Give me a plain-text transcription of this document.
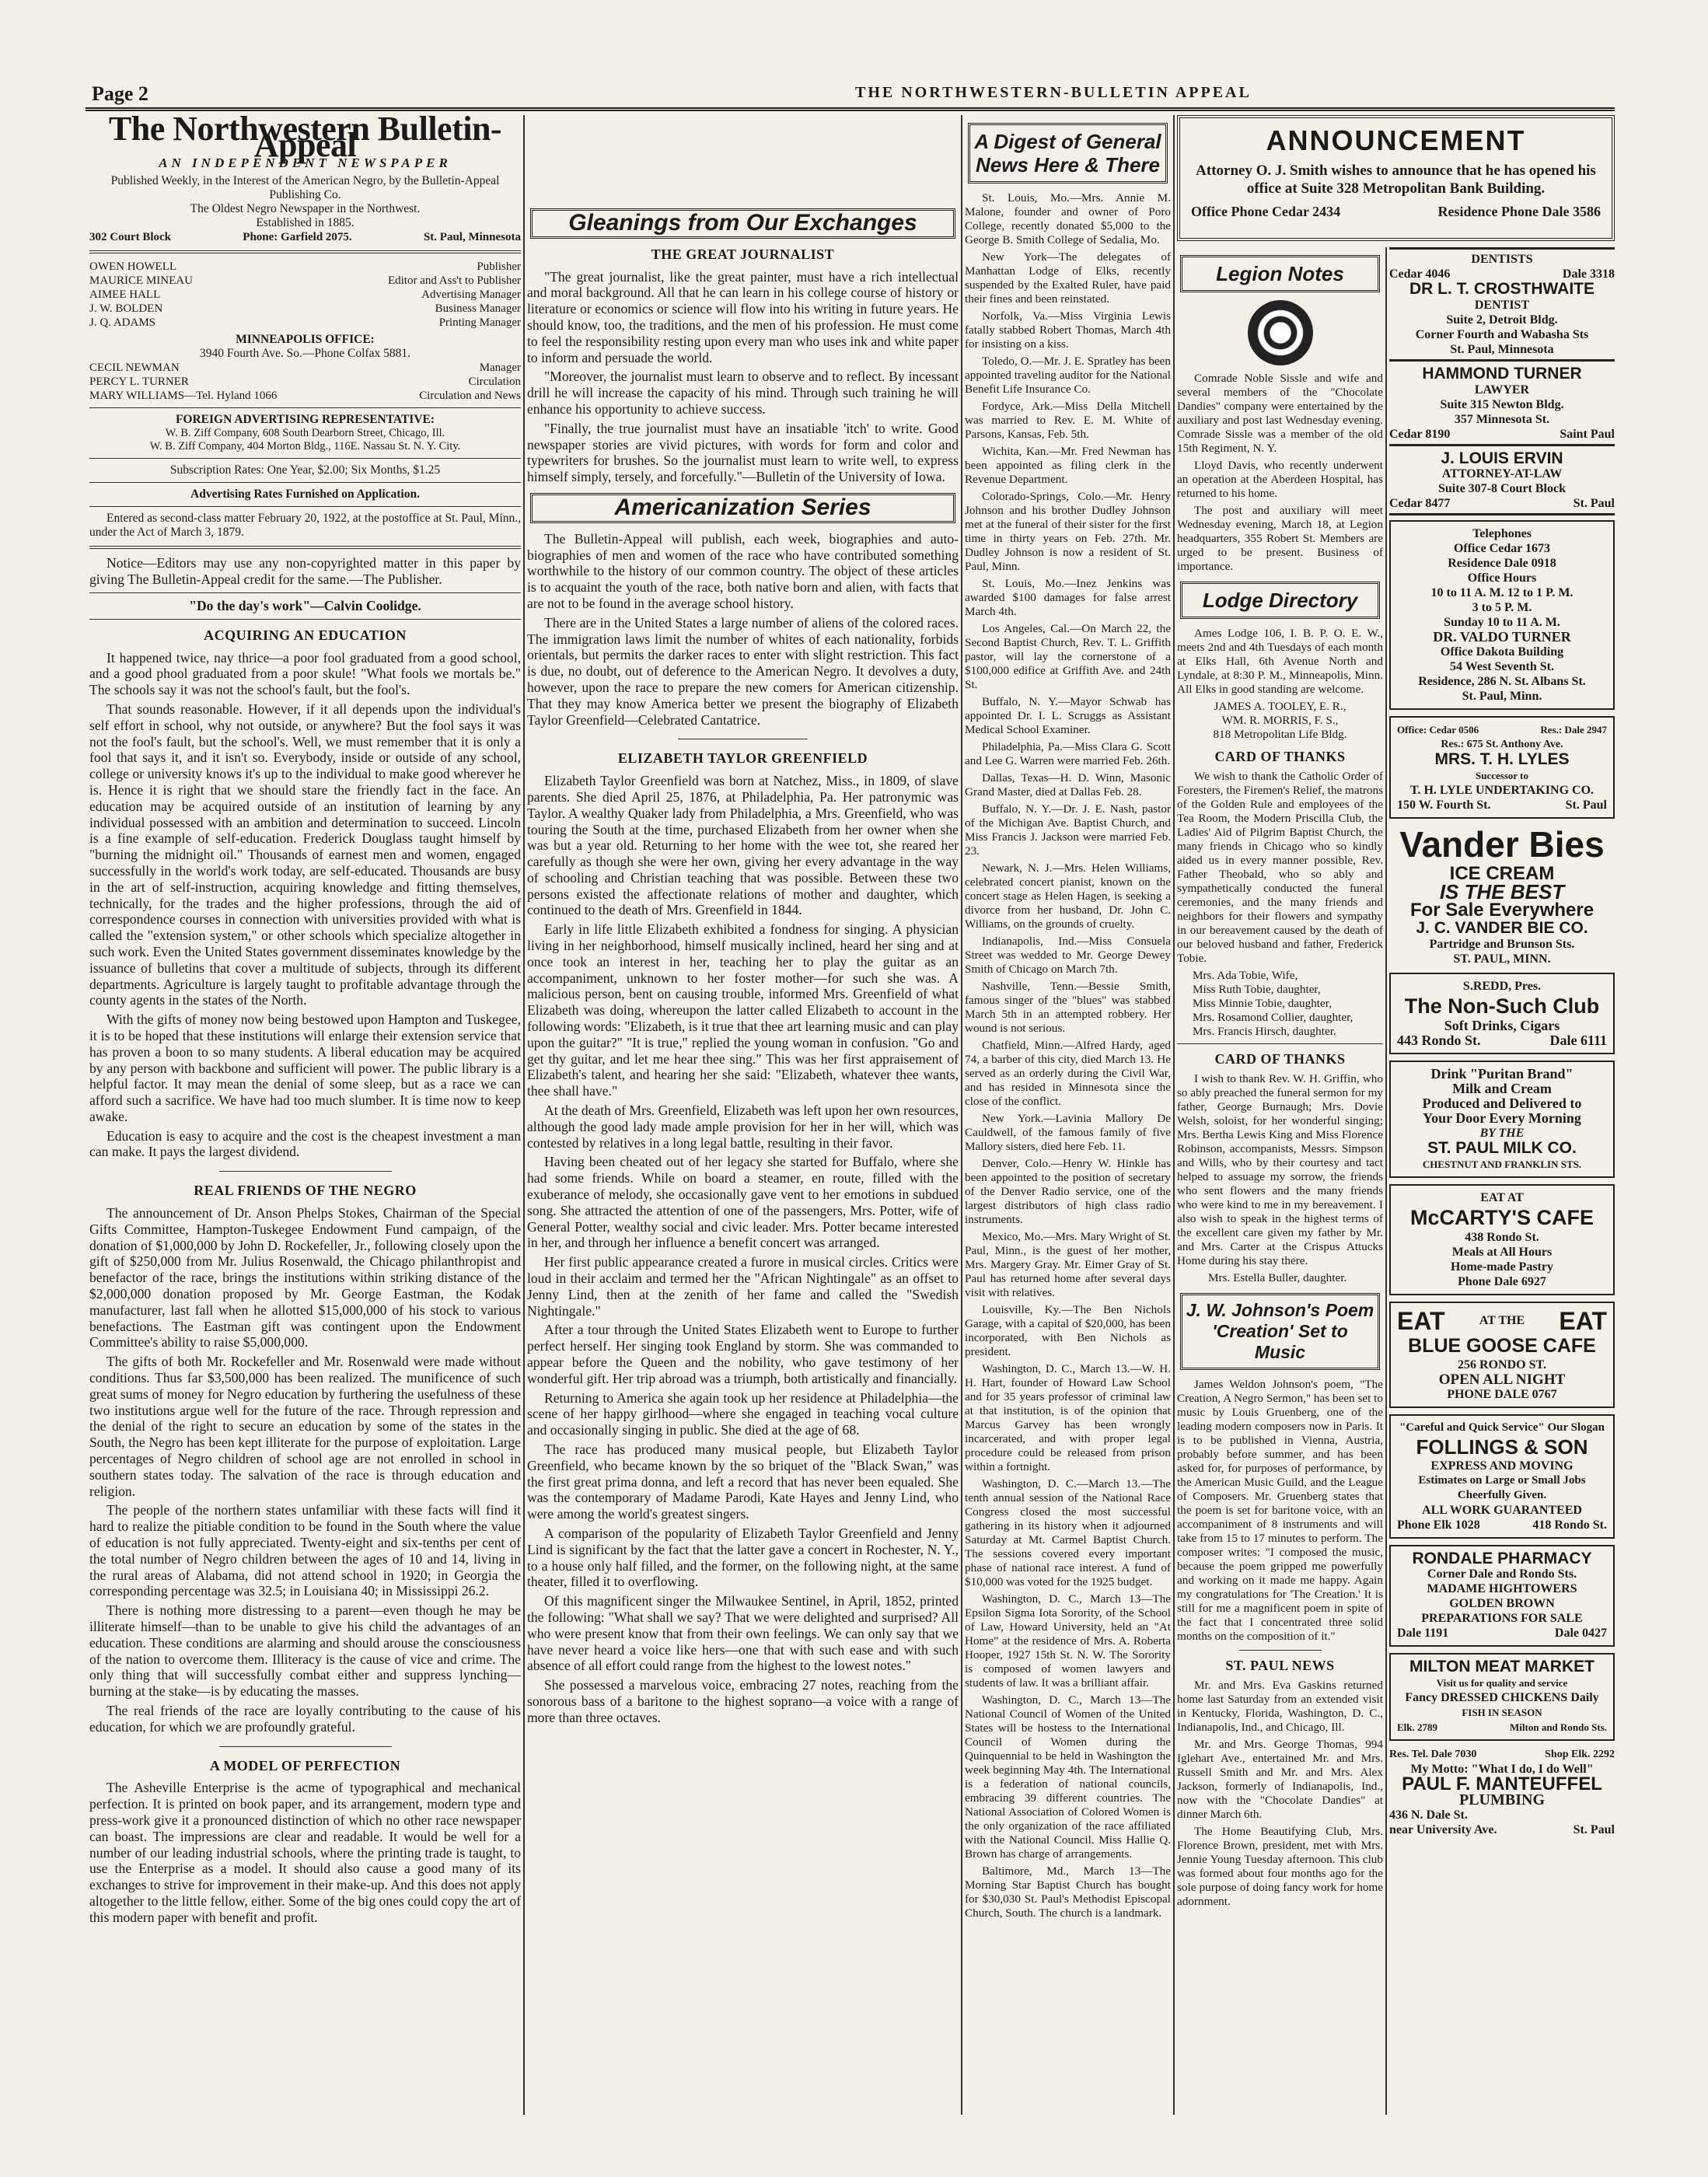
Page 2	THE NORTHWESTERN-BULLETIN APPEAL
The Northwestern Bulletin-Appeal
AN INDEPENDENT NEWSPAPER
Published Weekly, in the Interest of the American Negro, by the Bulletin-Appeal Publishing Co.
The Oldest Negro Newspaper in the Northwest.
Established in 1885.
302 Court Block	Phone: Garfield 2075.	St. Paul, Minnesota
OWEN HOWELL	Publisher
MAURICE MINEAU	Editor and Ass't to Publisher
AIMEE HALL	Advertising Manager
J. W. BOLDEN	Business Manager
J. Q. ADAMS	Printing Manager
MINNEAPOLIS OFFICE:
3940 Fourth Ave. So.—Phone Colfax 5881.
CECIL NEWMAN	Manager
PERCY L. TURNER	Circulation
MARY WILLIAMS—Tel. Hyland 1066	Circulation and News
FOREIGN ADVERTISING REPRESENTATIVE:
W. B. Ziff Company, 608 South Dearborn Street, Chicago, Ill.
W. B. Ziff Company, 404 Morton Bldg., 116E. Nassau St. N. Y. City.
Subscription Rates: One Year, $2.00; Six Months, $1.25
Advertising Rates Furnished on Application.

Entered as second-class matter February 20, 1922, at the postoffice at St. Paul, Minn., under the Act of March 3, 1879.

Notice—Editors may use any non-copyrighted matter in this paper by giving The Bulletin-Appeal credit for the same.—The Publisher.

"Do the day's work"—Calvin Coolidge.
ACQUIRING AN EDUCATION

It happened twice, nay thrice—a poor fool graduated from a good school, and a good phool graduated from a poor skule! "What fools we mortals be." The schools say it was not the school's fault, but the fool's.

That sounds reasonable. However, if it all depends upon the individual's self effort in school, why not outside, or anywhere? But the fool says it was not the fool's fault, but the school's. Well, we must remember that it is only a fool that says it, and it isn't so. Everybody, inside or outside of any school, college or university knows it's up to the individual to make good wherever he is. Hence it is right that we should stare the friendly fact in the face. An education may be acquired outside of an institution of learning by any individual possessed with an ambition and determination to succeed. Lincoln is a fine example of self-education. Frederick Douglass taught himself by "burning the midnight oil." Thousands of earnest men and women, engaged successfully in the world's work today, are self-educated. Thousands are busy in the art of self-instruction, acquiring knowledge and fitting themselves, technically, for the trades and the higher professions, through the aid of correspondence courses in connection with universities provided with what is called the "extension system," or other schools which specialize altogether in such work. Even the United States government disseminates knowledge by the issuance of bulletins that cover a multitude of subjects, through its different departments. Agriculture is largely taught to profitable advantage through the county agents in the states of the North.

With the gifts of money now being bestowed upon Hampton and Tuskegee, it is to be hoped that these institutions will enlarge their extension service that has proven a boon to so many students. A liberal education may be acquired by any person with backbone and sufficient will power. The public library is a helpful factor. It may mean the denial of some sleep, but as a race we can afford such a sacrifice. We have had too much slumber. It is time now to keep awake.

Education is easy to acquire and the cost is the cheapest investment a man can make. It pays the largest dividend.

REAL FRIENDS OF THE NEGRO

The announcement of Dr. Anson Phelps Stokes, Chairman of the Special Gifts Committee, Hampton-Tuskegee Endowment Fund campaign, of the donation of $1,000,000 by John D. Rockefeller, Jr., following closely upon the gift of $250,000 from Mr. Julius Rosenwald, the Chicago philanthropist and benefactor of the race, brings the institutions within striking distance of the $2,000,000 donation proposed by Mr. George Eastman, the Kodak manufacturer, last fall when he allotted $15,000,000 of his stock to various benefactions. The Eastman gift was contingent upon the Endowment Committee's ability to raise $5,000,000.

The gifts of both Mr. Rockefeller and Mr. Rosenwald were made without conditions. Thus far $3,500,000 has been realized. The munificence of such great sums of money for Negro education by furthering the usefulness of these two institutions argue well for the future of the race. Through repression and the denial of the right to secure an education by some of the states in the South, the Negro has been kept illiterate for the purpose of exploitation. Large percentages of Negro children of school age are not enrolled in school in southern states today. The salvation of the race is through education and religion.

The people of the northern states unfamiliar with these facts will find it hard to realize the pitiable condition to be found in the South where the value of education is not fully appreciated. Twenty-eight and six-tenths per cent of the total number of Negro children between the ages of 10 and 14, living in the rural areas of Alabama, did not attend school in 1920; in Georgia the corresponding percentage was 32.5; in Louisiana 40; in Mississippi 26.2.

There is nothing more distressing to a parent—even though he may be illiterate himself—than to be unable to give his child the advantages of an education. These conditions are alarming and should arouse the consciousness of the nation to overcome them. Illiteracy is the cause of vice and crime. The only thing that will successfully combat either and suppress lynching—burning at the stake—is by educating the masses.

The real friends of the race are loyally contributing to the cause of his education, for which we are profoundly grateful.

A MODEL OF PERFECTION

The Asheville Enterprise is the acme of typographical and mechanical perfection. It is printed on book paper, and its arrangement, modern type and press-work give it a pronounced distinction of which no other race newspaper can boast. The impressions are clear and readable. It would be well for a number of our leading industrial schools, where the printing trade is taught, to use the Enterprise as a model. It should also cause a good many of its exchanges to strive for improvement in their make-up. And this does not apply altogether to the little fellow, either. Some of the big ones could copy the art of this modern paper with benefit and profit.

Gleanings from Our Exchanges
THE GREAT JOURNALIST

"The great journalist, like the great painter, must have a rich intellectual and moral background. All that he can learn in his college course of history or literature or economics or science will flow into his writing in future years. He should know, too, the traditions, and the men of his profession. He must come to feel the responsibility resting upon every man who uses ink and white paper to inform and persuade the world.

"Moreover, the journalist must learn to observe and to reflect. By incessant drill he will increase the capacity of his mind. Through such training he will enhance his opportunity to achieve success.

"Finally, the true journalist must have an insatiable 'itch' to write. Good newspaper stories are vivid pictures, with words for form and color and typewriters for brushes. So the journalist must learn to write well, to express himself simply, tersely, and forcefully."—Bulletin of the University of Iowa.

Americanization Series

The Bulletin-Appeal will publish, each week, biographies and auto-biographies of men and women of the race who have contributed something worthwhile to the history of our common country. The object of these articles is to acquaint the youth of the race, both native born and alien, with facts that are not to be found in the average school history.

There are in the United States a large number of aliens of the colored races. The immigration laws limit the number of whites of each nationality, forbids orientals, but permits the darker races to enter with slight restriction. This fact is due, no doubt, out of deference to the American Negro. It devolves a duty, however, upon the race to prepare the new comers for American citizenship. That they may know America better we present the biography of Elizabeth Taylor Greenfield—Celebrated Cantatrice.

ELIZABETH TAYLOR GREENFIELD

Elizabeth Taylor Greenfield was born at Natchez, Miss., in 1809, of slave parents. She died April 25, 1876, at Philadelphia, Pa. Her patronymic was Taylor. A wealthy Quaker lady from Philadelphia, a Mrs. Greenfield, who was touring the South at the time, purchased Elizabeth from her owner when she was but a year old. Returning to her home with the wee tot, she reared her carefully as though she were her own, giving her every advantage in the way of schooling and Christian teaching that was possible. Between these two persons existed the affectionate relations of mother and daughter, which continued to the death of Mrs. Greenfield in 1844.

Early in life little Elizabeth exhibited a fondness for singing. A physician living in her neighborhood, himself musically inclined, heard her sing and at once took an interest in her, teaching her to play the guitar as an accompaniment, unknown to her foster mother—for such she was. A malicious person, bent on causing trouble, informed Mrs. Greenfield of what Elizabeth was doing, whereupon the latter called Elizabeth to account in the following words: "Elizabeth, is it true that thee art learning music and can play upon the guitar?" "It is true," replied the young woman in confusion. "Go and get thy guitar, and let me hear thee sing." This was her first appraisement of Elizabeth's talent, and hearing her she said: "Elizabeth, whatever thee wants, thee shall have."

At the death of Mrs. Greenfield, Elizabeth was left upon her own resources, although the good lady made ample provision for her in her will, which was contested by relatives in a long legal battle, resulting in their favor.

Having been cheated out of her legacy she started for Buffalo, where she had some friends. While on board a steamer, en route, filled with the exuberance of melody, she occasionally gave vent to her emotions in subdued song. She attracted the attention of one of the passengers, Mrs. Potter, wife of General Potter, wealthy social and civic leader. Mrs. Potter became interested in her, and through her influence a benefit concert was arranged.

Her first public appearance created a furore in musical circles. Critics were loud in their acclaim and termed her the "African Nightingale" as an offset to Jenny Lind, then at the zenith of her fame and called the "Swedish Nightingale."

After a tour through the United States Elizabeth went to Europe to further perfect herself. Her singing took England by storm. She was commanded to appear before the Queen and the nobility, who gave testimony of her wonderful gift. Her trip abroad was a triumph, both artistically and financially.

Returning to America she again took up her residence at Philadelphia—the scene of her happy girlhood—where she engaged in teaching vocal culture and occasionally singing in public. She died at the age of 68.

The race has produced many musical people, but Elizabeth Taylor Greenfield, who became known by the so briquet of the "Black Swan," was the first great prima donna, and left a record that has never been equaled. She was the contemporary of Madame Parodi, Kate Hayes and Jenny Lind, who were among the world's greatest singers.

A comparison of the popularity of Elizabeth Taylor Greenfield and Jenny Lind is significant by the fact that the latter gave a concert in Rochester, N. Y., to a house only half filled, and the former, on the following night, at the same theater, filled it to overflowing.

Of this magnificent singer the Milwaukee Sentinel, in April, 1852, printed the following: "What shall we say? That we were delighted and surprised? All who were present know that from their own feelings. We can only say that we have never heard a voice like hers—one that with such ease and with such absence of all effort could range from the highest to the lowest notes."

She possessed a marvelous voice, embracing 27 notes, reaching from the sonorous bass of a baritone to the highest soprano—a voice with a range of more than three octaves.

A Digest of General News Here & There

St. Louis, Mo.—Mrs. Annie M. Malone, founder and owner of Poro College, recently donated $5,000 to the George B. Smith College of Sedalia, Mo.

New York—The delegates of Manhattan Lodge of Elks, recently suspended by the Exalted Ruler, have paid their fines and been reinstated.

Norfolk, Va.—Miss Virginia Lewis fatally stabbed Robert Thomas, March 4th for insisting on a kiss.

Toledo, O.—Mr. J. E. Spratley has been appointed traveling auditor for the National Benefit Life Insurance Co.

Fordyce, Ark.—Miss Della Mitchell was married to Rev. E. M. White of Parsons, Kansas, Feb. 5th.

Wichita, Kan.—Mr. Fred Newman has been appointed as filing clerk in the Revenue Department.

Colorado-Springs, Colo.—Mr. Henry Johnson and his brother Dudley Johnson met at the funeral of their sister for the first time in thirty years on Feb. 27th. Mr. Dudley Johnson is now a resident of St. Paul, Minn.

St. Louis, Mo.—Inez Jenkins was awarded $100 damages for false arrest March 4th.

Los Angeles, Cal.—On March 22, the Second Baptist Church, Rev. T. L. Griffith pastor, will lay the cornerstone of a $100,000 edifice at Griffith Ave. and 24th St.

Buffalo, N. Y.—Mayor Schwab has appointed Dr. I. L. Scruggs as Assistant Medical School Examiner.

Philadelphia, Pa.—Miss Clara G. Scott and Lee G. Warren were married Feb. 26th.

Dallas, Texas—H. D. Winn, Masonic Grand Master, died at Dallas Feb. 28.

Buffalo, N. Y.—Dr. J. E. Nash, pastor of the Michigan Ave. Baptist Church, and Miss Francis J. Jackson were married Feb. 23.

Newark, N. J.—Mrs. Helen Williams, celebrated concert pianist, known on the concert stage as Helen Hagen, is seeking a divorce from her husband, Dr. John C. Williams, on the grounds of cruelty.

Indianapolis, Ind.—Miss Consuela Street was wedded to Mr. George Dewey Smith of Chicago on March 7th.

Nashville, Tenn.—Bessie Smith, famous singer of the "blues" was stabbed March 5th in an attempted robbery. Her wound is not serious.

Chatfield, Minn.—Alfred Hardy, aged 74, a barber of this city, died March 13. He served as an orderly during the Civil War, and has resided in Minnesota since the close of the conflict.

New York.—Lavinia Mallory De Cauldwell, of the famous family of five Mallory sisters, died here Feb. 11.

Denver, Colo.—Henry W. Hinkle has been appointed to the position of secretary of the Denver Radio service, one of the largest distributors of high class radio instruments.

Mexico, Mo.—Mrs. Mary Wright of St. Paul, Minn., is the guest of her mother, Mrs. Margery Gray. Mr. Eimer Gray of St. Paul has returned home after several days visit with relatives.

Louisville, Ky.—The Ben Nichols Garage, with a capital of $20,000, has been incorporated, with Ben Nichols as president.

Washington, D. C., March 13.—W. H. H. Hart, founder of Howard Law School and for 35 years professor of criminal law at that institution, is of the opinion that Marcus Garvey has been wrongly incarcerated, and with proper legal procedure could be released from prison within a fortnight.

Washington, D. C.—March 13.—The tenth annual session of the National Race Congress closed the most successful gathering in its history when it adjourned Saturday at Mt. Carmel Baptist Church. The sessions covered every important phase of national race interest. A fund of $10,000 was voted for the 1925 budget.

Washington, D. C., March 13—The Epsilon Sigma Iota Sorority, of the School of Law, Howard University, held an "At Home" at the residence of Mrs. A. Roberta Hooper, 1927 15th St. N. W. The Sorority is composed of women lawyers and students of law. It was a brilliant affair.

Washington, D. C., March 13—The National Council of Women of the United States will be hostess to the International Council of Women during the Quinquennial to be held in Washington the week beginning May 4th. The International is a federation of national councils, embracing 39 different countries. The National Association of Colored Women is the only organization of the race affiliated with the National Council. Miss Hallie Q. Brown has charge of arrangements.

Baltimore, Md., March 13—The Morning Star Baptist Church has bought for $30,030 St. Paul's Methodist Episcopal Church, South. The church is a landmark.

ANNOUNCEMENT
Attorney O. J. Smith wishes to announce that he has opened his office at Suite 328 Metropolitan Bank Building.
Office Phone Cedar 2434	Residence Phone Dale 3586
Legion Notes

Comrade Noble Sissle and wife and several members of the "Chocolate Dandies" company were entertained by the auxiliary and post last Wednesday evening. Comrade Sissle was a member of the old 15th Regiment, N. Y.

Lloyd Davis, who recently underwent an operation at the Aberdeen Hospital, has returned to his home.

The post and auxiliary will meet Wednesday evening, March 18, at Legion headquarters, 355 Robert St. Members are urged to be present. Business of importance.

Lodge Directory

Ames Lodge 106, I. B. P. O. E. W., meets 2nd and 4th Tuesdays of each month at Elks Hall, 6th Avenue North and Lyndale, at 8:30 P. M., Minneapolis, Minn. All Elks in good standing are welcome.

JAMES A. TOOLEY, E. R.,
WM. R. MORRIS, F. S.,
818 Metropolitan Life Bldg.
CARD OF THANKS

We wish to thank the Catholic Order of Foresters, the Firemen's Relief, the matrons of the Golden Rule and employees of the Tea Room, the Modern Priscilla Club, the Ladies' Aid of Pilgrim Baptist Church, the many friends in Chicago who so kindly aided us in every manner possible, Rev. Father Theobald, who so ably and sympathetically conducted the funeral ceremonies, and the many friends and neighbors for their flowers and sympathy in our bereavement caused by the death of our beloved husband and father, Frederick Tobie.

Mrs. Ada Tobie, Wife,
Miss Ruth Tobie, daughter,
Miss Minnie Tobie, daughter,
Mrs. Rosamond Collier, daughter,
Mrs. Francis Hirsch, daughter.
CARD OF THANKS

I wish to thank Rev. W. H. Griffin, who so ably preached the funeral sermon for my father, George Burnaugh; Mrs. Dovie Welsh, soloist, for her wonderful singing; Mrs. Bertha Lewis King and Miss Florence Robinson, accompanists, Messrs. Simpson and Wills, who by their courtesy and tact helped to assuage my sorrow, the friends who sent flowers and the many friends who were kind to me in my bereavement. I also wish to speak in the highest terms of the excellent care given my father by Mr. and Mrs. Carter at the Crispus Attucks Home during his stay there.

Mrs. Estella Buller, daughter.
J. W. Johnson's Poem 'Creation' Set to Music

James Weldon Johnson's poem, "The Creation, A Negro Sermon," has been set to music by Louis Gruenberg, one of the leading modern composers now in Paris. It is to be published in Vienna, Austria, probably before summer, and has been asked for, for purposes of performance, by the American Music Guild, and the League of Composers. Mr. Gruenberg states that the poem is set for baritone voice, with an accompaniment of 8 instruments and will take from 15 to 17 minutes to perform. The composer writes: "I composed the music, because the poem gripped me powerfully and working on it made me happy. Again my congratulations for 'The Creation.' It is still for me a magnificent poem in spite of the fact that I concentrated three solid months on the composition of it."

ST. PAUL NEWS

Mr. and Mrs. Eva Gaskins returned home last Saturday from an extended visit in Kentucky, Florida, Washington, D. C., Indianapolis, Ind., and Chicago, Ill.

Mr. and Mrs. George Thomas, 994 Iglehart Ave., entertained Mr. and Mrs. Russell Smith and Mr. and Mrs. Alex Jackson, formerly of Indianapolis, Ind., now with the "Chocolate Dandies" at dinner March 6th.

The Home Beautifying Club, Mrs. Florence Brown, president, met with Mrs. Jennie Young Tuesday afternoon. This club was formed about four months ago for the sole purpose of doing fancy work for home adornment.

DENTISTS
Cedar 4046	Dale 3318
DR L. T. CROSTHWAITE
DENTIST
Suite 2, Detroit Bldg.
Corner Fourth and Wabasha Sts
St. Paul, Minnesota
HAMMOND TURNER
LAWYER
Suite 315 Newton Bldg.
357 Minnesota St.
Cedar 8190	Saint Paul
J. LOUIS ERVIN
ATTORNEY-AT-LAW
Suite 307-8 Court Block
Cedar 8477	St. Paul
Telephones
Office Cedar 1673
Residence Dale 0918
Office Hours
10 to 11 A. M. 12 to 1 P. M.
3 to 5 P. M.
Sunday 10 to 11 A. M.
DR. VALDO TURNER
Office Dakota Building
54 West Seventh St.
Residence, 286 N. St. Albans St.
St. Paul, Minn.
Office: Cedar 0506	Res.: Dale 2947
Res.: 675 St. Anthony Ave.
MRS. T. H. LYLES
Successor to
T. H. LYLE UNDERTAKING CO.
150 W. Fourth St.	St. Paul
Vander Bies
ICE CREAM
IS THE BEST
For Sale Everywhere
J. C. VANDER BIE CO.
Partridge and Brunson Sts.
ST. PAUL, MINN.
S.REDD, Pres.
The Non-Such Club
Soft Drinks, Cigars
443 Rondo St.	Dale 6111
Drink "Puritan Brand"
Milk and Cream
Produced and Delivered to
Your Door Every Morning
BY THE
ST. PAUL MILK CO.
CHESTNUT AND FRANKLIN STS.
EAT AT
McCARTY'S CAFE
438 Rondo St.
Meals at All Hours
Home-made Pastry
Phone Dale 6927
EAT	AT THE EAT
BLUE GOOSE CAFE
256 RONDO ST.
OPEN ALL NIGHT
PHONE DALE 0767
"Careful and Quick Service" Our Slogan
FOLLINGS & SON
EXPRESS AND MOVING
Estimates on Large or Small Jobs Cheerfully Given.
ALL WORK GUARANTEED
Phone Elk 1028	418 Rondo St.
RONDALE PHARMACY
Corner Dale and Rondo Sts.
MADAME HIGHTOWERS
GOLDEN BROWN
PREPARATIONS FOR SALE
Dale 1191	Dale 0427
MILTON MEAT MARKET
Visit us for quality and service
Fancy DRESSED CHICKENS Daily
FISH IN SEASON
Elk. 2789	Milton and Rondo Sts.
Res. Tel. Dale 7030	Shop Elk. 2292
My Motto: "What I do, I do Well"
PAUL F. MANTEUFFEL
PLUMBING
436 N. Dale St.
near University Ave.	St. Paul
